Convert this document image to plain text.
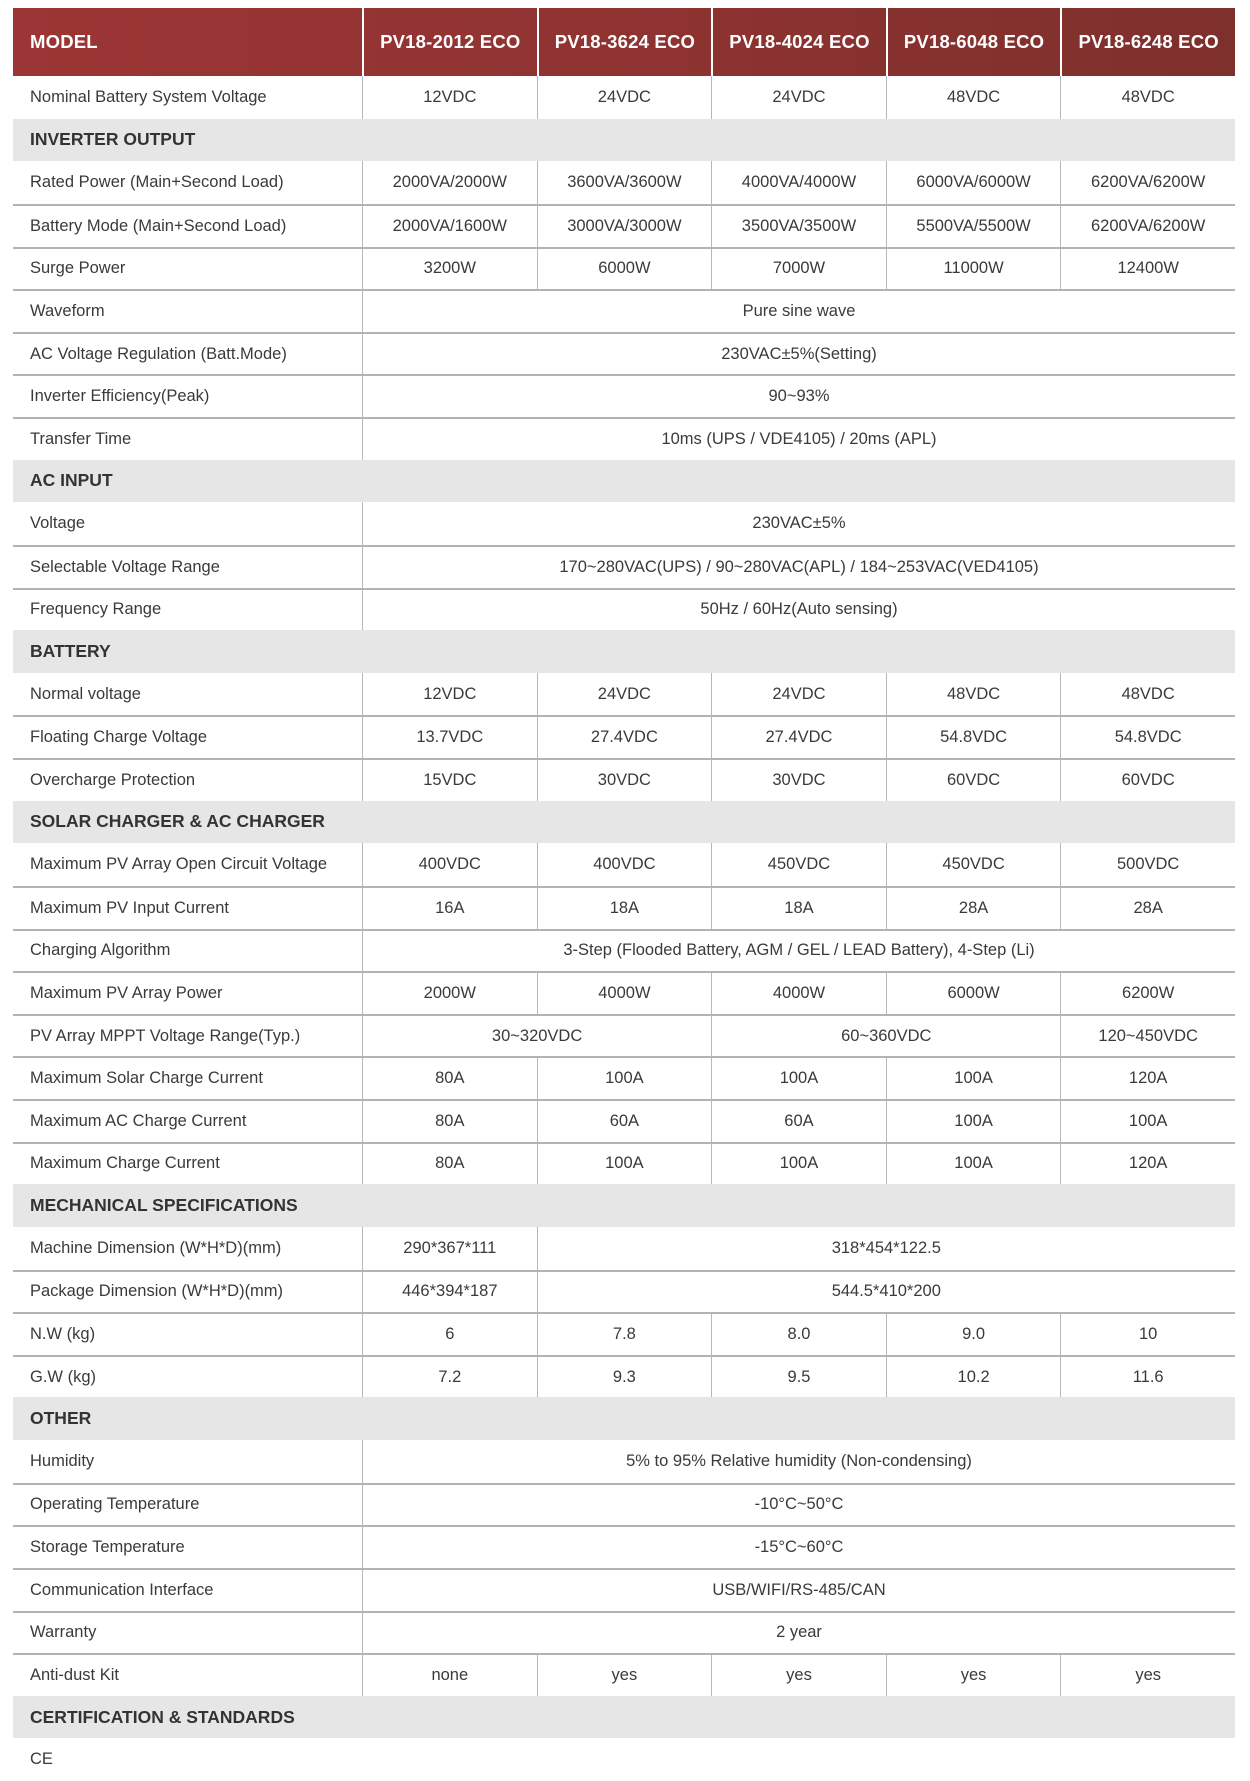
MODEL	PV18-2012 ECO	PV18-3624 ECO	PV18-4024 ECO	PV18-6048 ECO	PV18-6248 ECO
Nominal Battery System Voltage	12VDC	24VDC	24VDC	48VDC	48VDC
INVERTER OUTPUT
Rated Power (Main+Second Load)	2000VA/2000W	3600VA/3600W	4000VA/4000W	6000VA/6000W	6200VA/6200W
Battery Mode (Main+Second Load)	2000VA/1600W	3000VA/3000W	3500VA/3500W	5500VA/5500W	6200VA/6200W
Surge Power	3200W	6000W	7000W	11000W	12400W
Waveform	Pure sine wave
AC Voltage Regulation (Batt.Mode)	230VAC±5%(Setting)
Inverter Efficiency(Peak)	90~93%
Transfer Time	10ms (UPS / VDE4105) / 20ms (APL)
AC INPUT
Voltage	230VAC±5%
Selectable Voltage Range	170~280VAC(UPS) / 90~280VAC(APL) / 184~253VAC(VED4105)
Frequency Range	50Hz / 60Hz(Auto sensing)
BATTERY
Normal voltage	12VDC	24VDC	24VDC	48VDC	48VDC
Floating Charge Voltage	13.7VDC	27.4VDC	27.4VDC	54.8VDC	54.8VDC
Overcharge Protection	15VDC	30VDC	30VDC	60VDC	60VDC
SOLAR CHARGER & AC CHARGER
Maximum PV Array Open Circuit Voltage	400VDC	400VDC	450VDC	450VDC	500VDC
Maximum PV Input Current	16A	18A	18A	28A	28A
Charging Algorithm	3-Step (Flooded Battery, AGM / GEL / LEAD Battery), 4-Step (Li)
Maximum PV Array Power	2000W	4000W	4000W	6000W	6200W
PV Array MPPT Voltage Range(Typ.)	30~320VDC	60~360VDC	120~450VDC
Maximum Solar Charge Current	80A	100A	100A	100A	120A
Maximum AC Charge Current	80A	60A	60A	100A	100A
Maximum Charge Current	80A	100A	100A	100A	120A
MECHANICAL SPECIFICATIONS
Machine Dimension (W*H*D)(mm)	290*367*111	318*454*122.5
Package Dimension (W*H*D)(mm)	446*394*187	544.5*410*200
N.W (kg)	6	7.8	8.0	9.0	10
G.W (kg)	7.2	9.3	9.5	10.2	11.6
OTHER
Humidity	5% to 95% Relative humidity (Non-condensing)
Operating Temperature	-10°C~50°C
Storage Temperature	-15°C~60°C
Communication Interface	USB/WIFI/RS-485/CAN
Warranty	2 year
Anti-dust Kit	none	yes	yes	yes	yes
CERTIFICATION & STANDARDS
CE
